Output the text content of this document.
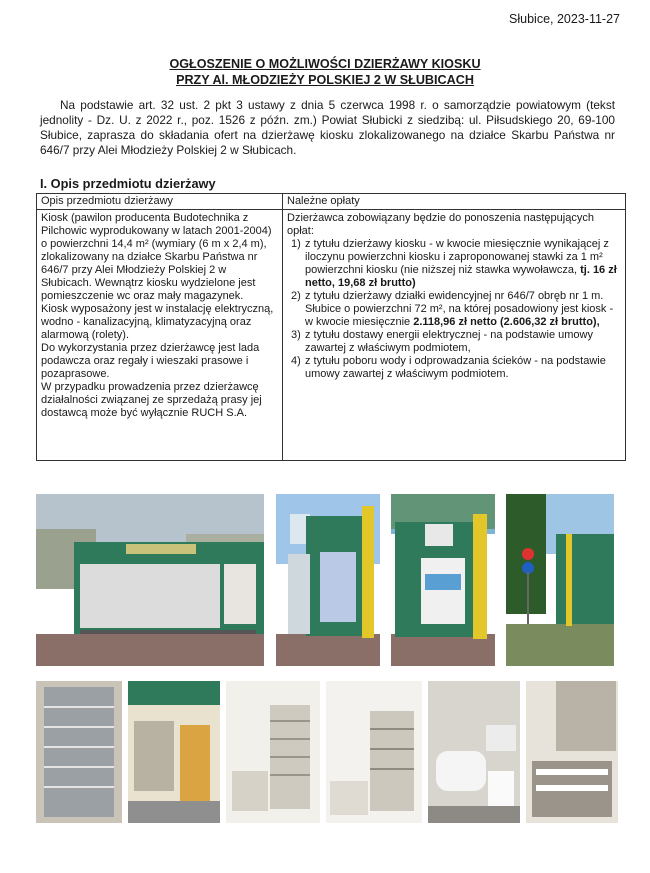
Słubice, 2023-11-27
OGŁOSZENIE O MOŻLIWOŚCI DZIERŻAWY KIOSKU
PRZY Al. MŁODZIEŻY POLSKIEJ 2 W SŁUBICACH
Na podstawie art. 32 ust. 2 pkt 3 ustawy z dnia 5 czerwca 1998 r. o samorządzie powiatowym (tekst jednolity - Dz. U. z 2022 r., poz. 1526 z późn. zm.) Powiat Słubicki z siedzibą: ul. Piłsudskiego 20, 69-100 Słubice, zaprasza do składania ofert na dzierżawę kiosku zlokalizowanego na działce Skarbu Państwa nr 646/7 przy Alei Młodzieży Polskiej 2 w Słubicach.
I. Opis przedmiotu dzierżawy
Opis przedmiotu dzierżawy

Kiosk (pawilon producenta Budotechnika z Pilchowic wyprodukowany w latach 2001-2004) o powierzchni 14,4 m² (wymiary (6 m x 2,4 m), zlokalizowany na działce Skarbu Państwa nr 646/7 przy Alei Młodzieży Polskiej 2 w Słubicach. Wewnątrz kiosku wydzielone jest pomieszczenie wc oraz mały magazynek.

Kiosk wyposażony jest w instalację elektryczną, wodno - kanalizacyjną, klimatyzacyjną oraz alarmową (rolety).

Do wykorzystania przez dzierżawcę jest lada podawcza oraz regały i wieszaki prasowe i pozaprasowe.

W przypadku prowadzenia przez dzierżawcę działalności związanej ze sprzedażą prasy jej dostawcą może być wyłącznie RUCH S.A.

Należne opłaty

Dzierżawca zobowiązany będzie do ponoszenia następujących opłat:

1) z tytułu dzierżawy kiosku - w kwocie miesięcznie wynikającej z iloczynu powierzchni kiosku i zaproponowanej stawki za 1 m² powierzchni kiosku (nie niższej niż stawka wywoławcza, tj. 16 zł netto, 19,68 zł brutto)
2) z tytułu dzierżawy działki ewidencyjnej nr 646/7 obręb nr 1 m. Słubice o powierzchni 72 m², na której posadowiony jest kiosk - w kwocie miesięcznie 2.118,96 zł netto (2.606,32 zł brutto),
3) z tytułu dostawy energii elektrycznej - na podstawie umowy zawartej z właściwym podmiotem,
4) z tytułu poboru wody i odprowadzania ścieków - na podstawie umowy zawartej z właściwym podmiotem.
